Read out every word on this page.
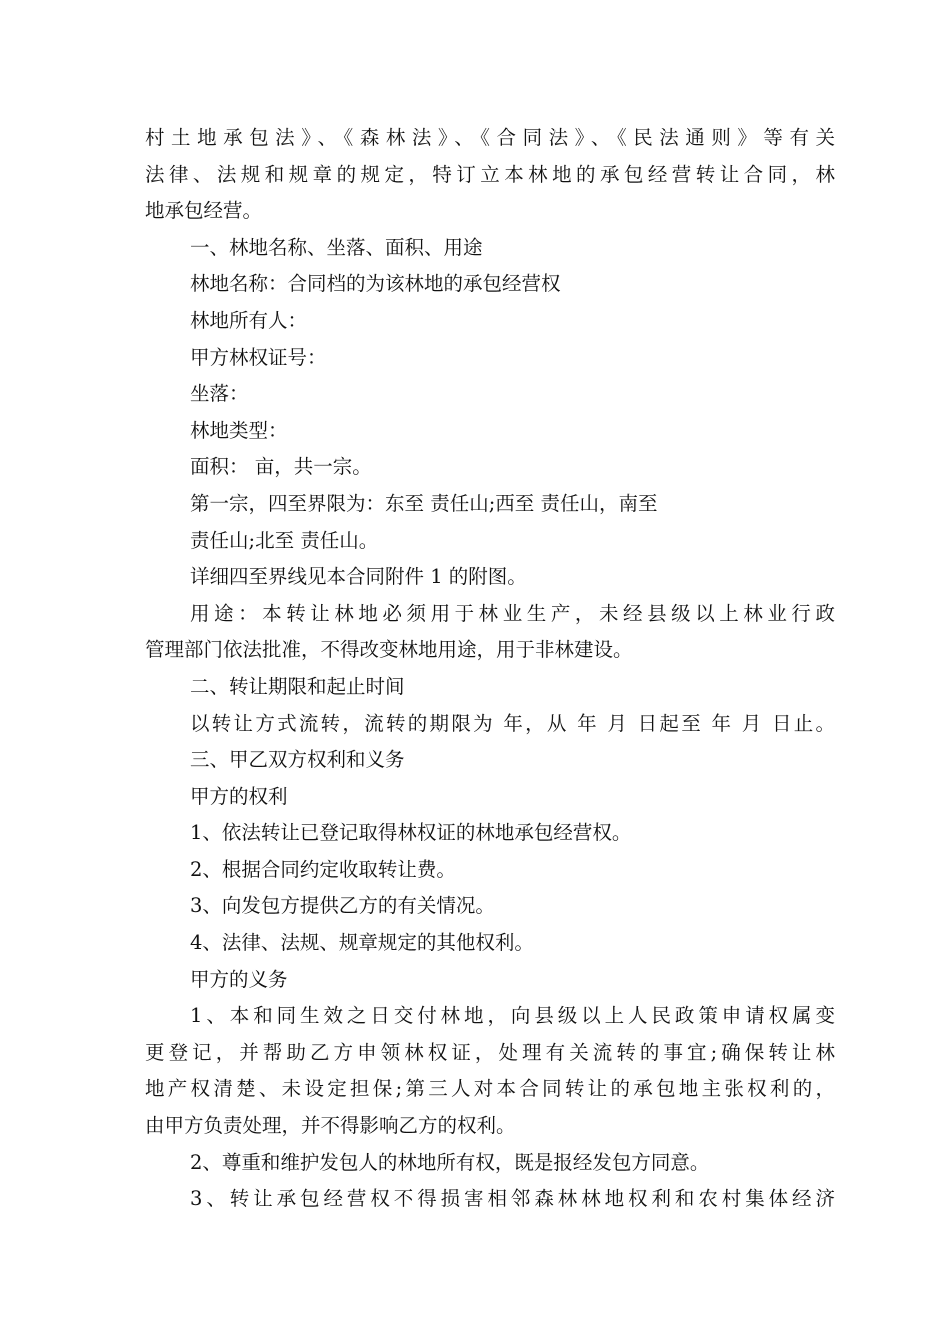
村土地承包法》、《森林法》、《合同法》、《民法通则》等有关
法律、法规和规章的规定，特订立本林地的承包经营转让合同，林
地承包经营。
一、林地名称、坐落、面积、用途
林地名称：合同档的为该林地的承包经营权
林地所有人：
甲方林权证号：
坐落：
林地类型：
面积： 亩，共一宗。
第一宗，四至界限为：东至 责任山;西至 责任山，南至
责任山;北至 责任山。
详细四至界线见本合同附件 1 的附图。
用途：本转让林地必须用于林业生产，未经县级以上林业行政
管理部门依法批准，不得改变林地用途，用于非林建设。
二、转让期限和起止时间
以转让方式流转，流转的期限为 年，从 年 月 日起至 年 月 日止。
三、甲乙双方权利和义务
甲方的权利
1、依法转让已登记取得林权证的林地承包经营权。
2、根据合同约定收取转让费。
3、向发包方提供乙方的有关情况。
4、法律、法规、规章规定的其他权利。
甲方的义务
1、本和同生效之日交付林地，向县级以上人民政策申请权属变
更登记，并帮助乙方申领林权证，处理有关流转的事宜;确保转让林
地产权清楚、未设定担保;第三人对本合同转让的承包地主张权利的，
由甲方负责处理，并不得影响乙方的权利。
2、尊重和维护发包人的林地所有权，既是报经发包方同意。
3、转让承包经营权不得损害相邻森林林地权利和农村集体经济
